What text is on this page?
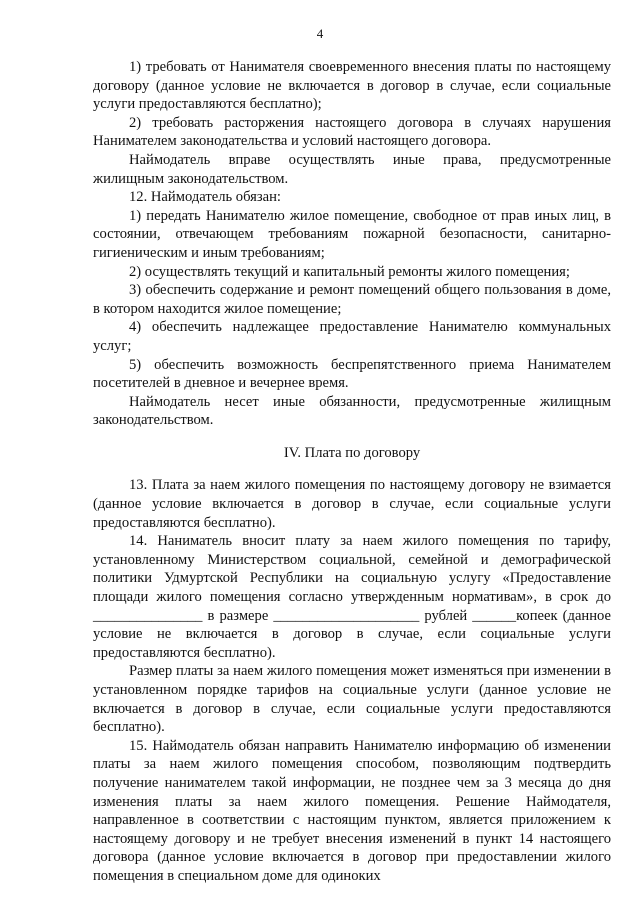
4

1) требовать от Нанимателя своевременного внесения платы по настоящему договору (данное условие не включается в договор в случае, если социальные услуги предоставляются бесплатно);

2) требовать расторжения настоящего договора в случаях нарушения Нанимателем законодательства и условий настоящего договора.

Наймодатель вправе осуществлять иные права, предусмотренные жилищным законодательством.

12. Наймодатель обязан:

1) передать Нанимателю жилое помещение, свободное от прав иных лиц, в состоянии, отвечающем требованиям пожарной безопасности, санитарно-гигиеническим и иным требованиям;

2) осуществлять текущий и капитальный ремонты жилого помещения;

3) обеспечить содержание и ремонт помещений общего пользования в доме, в котором находится жилое помещение;

4) обеспечить надлежащее предоставление Нанимателю коммунальных услуг;

5) обеспечить возможность беспрепятственного приема Нанимателем посетителей в дневное и вечернее время.

Наймодатель несет иные обязанности, предусмотренные жилищным законодательством.

IV. Плата по договору

13. Плата за наем жилого помещения по настоящему договору не взимается (данное условие включается в договор в случае, если социальные услуги предоставляются бесплатно).

14. Наниматель вносит плату за наем жилого помещения по тарифу, установленному Министерством социальной, семейной и демографической политики Удмуртской Республики на социальную услугу «Предоставление площади жилого помещения согласно утвержденным нормативам», в срок до _______________ в размере ____________________ рублей ______копеек (данное условие не включается в договор в случае, если социальные услуги предоставляются бесплатно).

Размер платы за наем жилого помещения может изменяться при изменении в установленном порядке тарифов на социальные услуги (данное условие не включается в договор в случае, если социальные услуги предоставляются бесплатно).

15. Наймодатель обязан направить Нанимателю информацию об изменении платы за наем жилого помещения способом, позволяющим подтвердить получение нанимателем такой информации, не позднее чем за 3 месяца до дня изменения платы за наем жилого помещения. Решение Наймодателя, направленное в соответствии с настоящим пунктом, является приложением к настоящему договору и не требует внесения изменений в пункт 14 настоящего договора (данное условие включается в договор при предоставлении жилого помещения в специальном доме для одиноких
